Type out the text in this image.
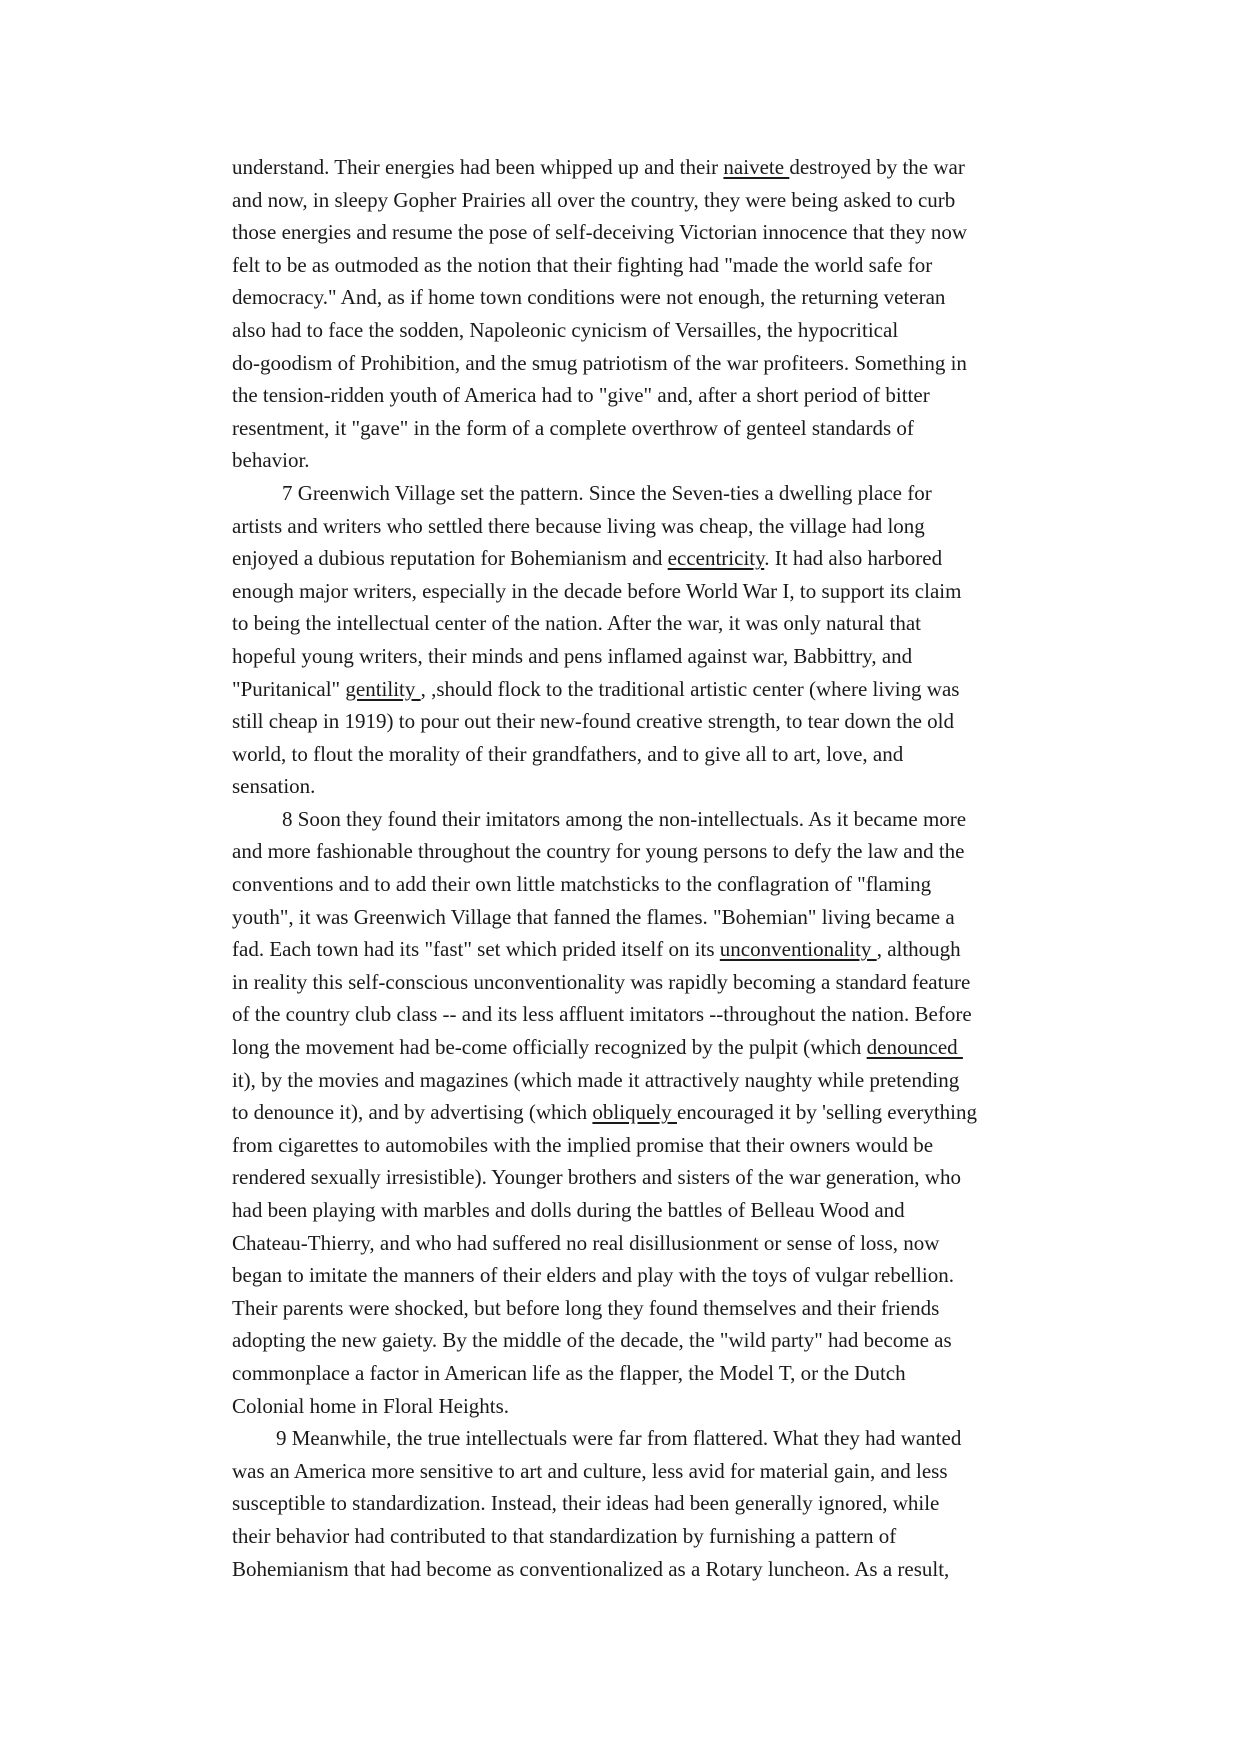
understand. Their energies had been whipped up and their naivete destroyed by the war
and now, in sleepy Gopher Prairies all over the country, they were being asked to curb
those energies and resume the pose of self-deceiving Victorian innocence that they now
felt to be as outmoded as the notion that their fighting had "made the world safe for
democracy." And, as if home town conditions were not enough, the returning veteran
also had to face the sodden, Napoleonic cynicism of Versailles, the hypocritical
do-goodism of Prohibition, and the smug patriotism of the war profiteers. Something in
the tension-ridden youth of America had to "give" and, after a short period of bitter
resentment, it "gave" in the form of a complete overthrow of genteel standards of
behavior.
7 Greenwich Village set the pattern. Since the Seven-ties a dwelling place for
artists and writers who settled there because living was cheap, the village had long
enjoyed a dubious reputation for Bohemianism and eccentricity. It had also harbored
enough major writers, especially in the decade before World War I, to support its claim
to being the intellectual center of the nation. After the war, it was only natural that
hopeful young writers, their minds and pens inflamed against war, Babbittry, and
"Puritanical" gentility , ,should flock to the traditional artistic center (where living was
still cheap in 1919) to pour out their new-found creative strength, to tear down the old
world, to flout the morality of their grandfathers, and to give all to art, love, and
sensation.
8 Soon they found their imitators among the non-intellectuals. As it became more
and more fashionable throughout the country for young persons to defy the law and the
conventions and to add their own little matchsticks to the conflagration of "flaming
youth", it was Greenwich Village that fanned the flames. "Bohemian" living became a
fad. Each town had its "fast" set which prided itself on its unconventionality , although
in reality this self-conscious unconventionality was rapidly becoming a standard feature
of the country club class -- and its less affluent imitators --throughout the nation. Before
long the movement had be-come officially recognized by the pulpit (which denounced
it), by the movies and magazines (which made it attractively naughty while pretending
to denounce it), and by advertising (which obliquely encouraged it by 'selling everything
from cigarettes to automobiles with the implied promise that their owners would be
rendered sexually irresistible). Younger brothers and sisters of the war generation, who
had been playing with marbles and dolls during the battles of Belleau Wood and
Chateau-Thierry, and who had suffered no real disillusionment or sense of loss, now
began to imitate the manners of their elders and play with the toys of vulgar rebellion.
Their parents were shocked, but before long they found themselves and their friends
adopting the new gaiety. By the middle of the decade, the "wild party" had become as
commonplace a factor in American life as the flapper, the Model T, or the Dutch
Colonial home in Floral Heights.
9 Meanwhile, the true intellectuals were far from flattered. What they had wanted
was an America more sensitive to art and culture, less avid for material gain, and less
susceptible to standardization. Instead, their ideas had been generally ignored, while
their behavior had contributed to that standardization by furnishing a pattern of
Bohemianism that had become as conventionalized as a Rotary luncheon. As a result,
